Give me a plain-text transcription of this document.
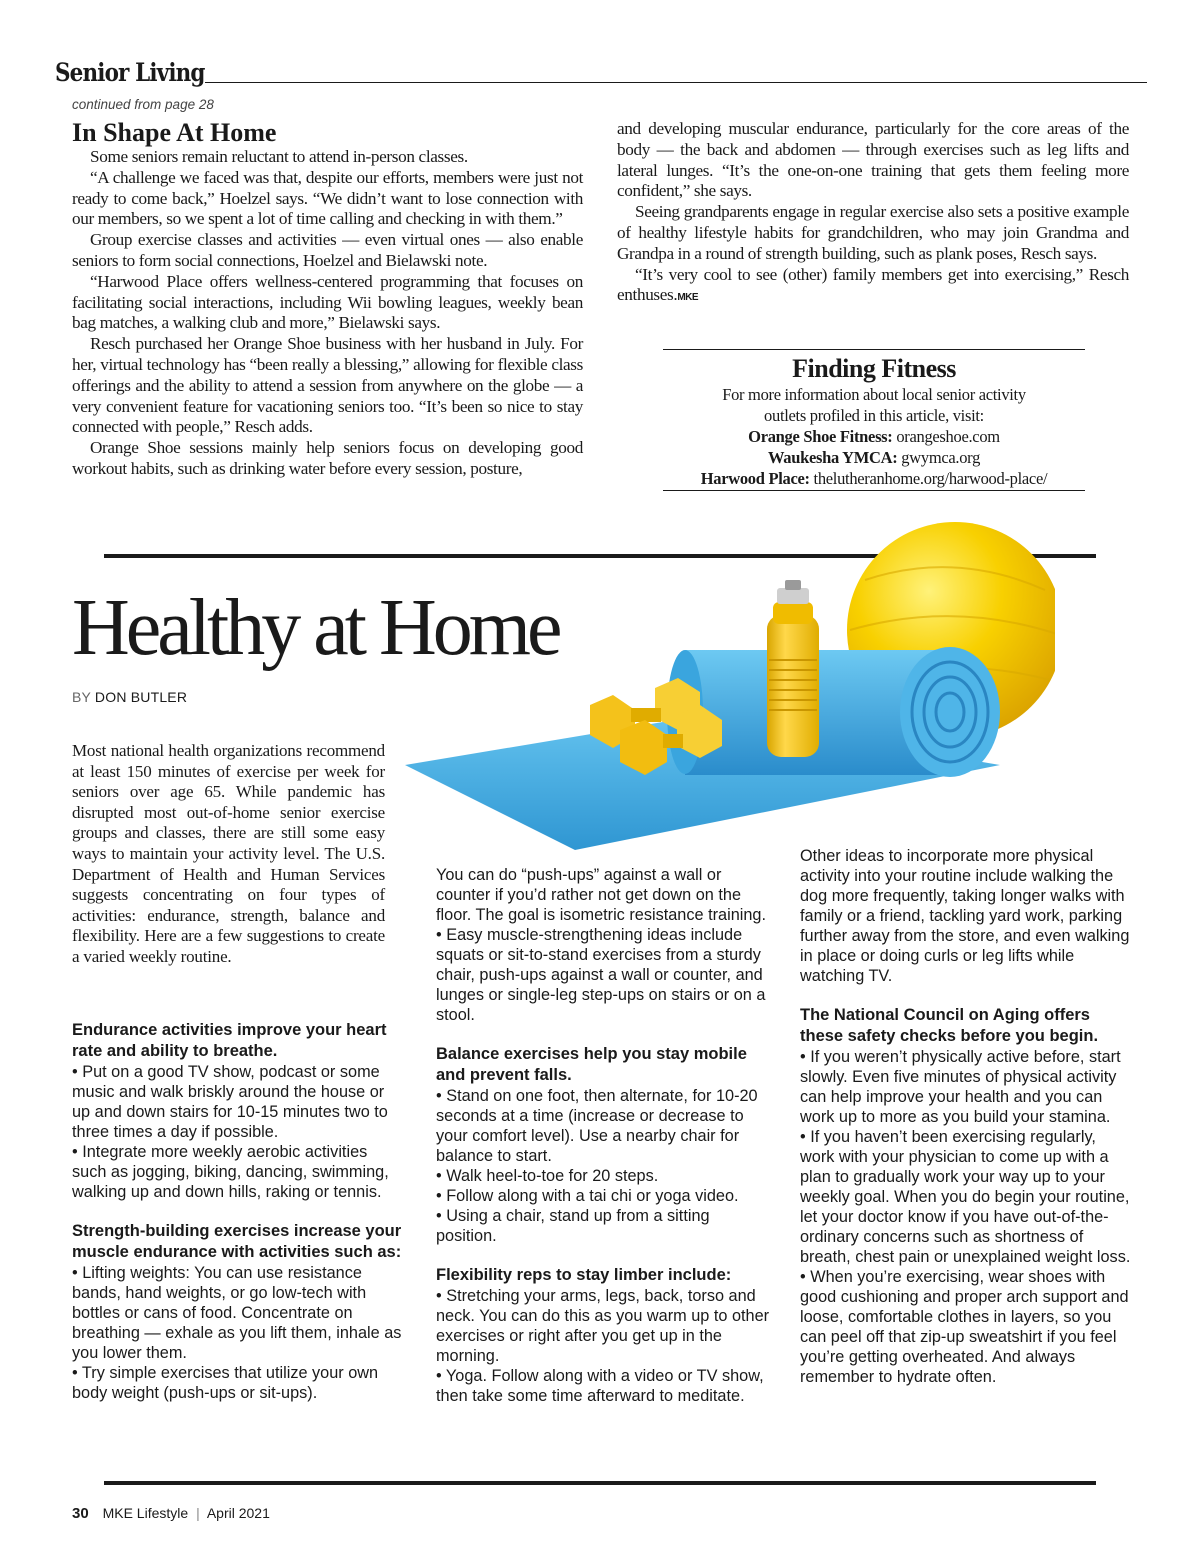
Senior Living
continued from page 28
In Shape At Home

Some seniors remain reluctant to attend in-person classes.

“A challenge we faced was that, despite our efforts, members were just not ready to come back,” Hoelzel says. “We didn’t want to lose connection with our members, so we spent a lot of time calling and checking in with them.”

Group exercise classes and activities — even virtual ones — also enable seniors to form social connections, Hoelzel and Bielawski note.

“Harwood Place offers wellness-centered programming that focuses on facilitating social interactions, including Wii bowling leagues, weekly bean bag matches, a walking club and more,” Bielawski says.

Resch purchased her Orange Shoe business with her husband in July. For her, virtual technology has “been really a blessing,” allowing for flexible class offerings and the ability to attend a session from anywhere on the globe — a very convenient feature for vacationing seniors too. “It’s been so nice to stay connected with people,” Resch adds.

Orange Shoe sessions mainly help seniors focus on developing good workout habits, such as drinking water before every session, posture,

and developing muscular endurance, particularly for the core areas of the body — the back and abdomen — through exercises such as leg lifts and lateral lunges. “It’s the one-on-one training that gets them feeling more confident,” she says.

Seeing grandparents engage in regular exercise also sets a positive example of healthy lifestyle habits for grandchildren, who may join Grandma and Grandpa in a round of strength building, such as plank poses, Resch says.

“It’s very cool to see (other) family members get into exercising,” Resch enthuses.MKE

Finding Fitness
For more information about local senior activity
outlets profiled in this article, visit:
Orange Shoe Fitness: orangeshoe.com
Waukesha YMCA: gwymca.org
Harwood Place: thelutheranhome.org/harwood-place/
Healthy at Home
BY DON BUTLER
Most national health organizations recommend at least 150 minutes of exercise per week for seniors over age 65. While pandemic has disrupted most out-of-home senior exercise groups and classes, there are still some easy ways to maintain your activity level. The U.S. Department of Health and Human Services suggests concentrating on four types of activities: endurance, strength, balance and flexibility. Here are a few suggestions to create a varied weekly routine.
Endurance activities improve your heart rate and ability to breathe.
• Put on a good TV show, podcast or some music and walk briskly around the house or up and down stairs for 10-15 minutes two to three times a day if possible.
• Integrate more weekly aerobic activities such as jogging, biking, dancing, swimming, walking up and down hills, raking or tennis.
Strength-building exercises increase your muscle endurance with activities such as:
• Lifting weights: You can use resistance bands, hand weights, or go low-tech with bottles or cans of food. Concentrate on breathing — exhale as you lift them, inhale as you lower them.
• Try simple exercises that utilize your own body weight (push-ups or sit-ups).
You can do “push-ups” against a wall or counter if you’d rather not get down on the floor. The goal is isometric resistance training.
• Easy muscle-strengthening ideas include squats or sit-to-stand exercises from a sturdy chair, push-ups against a wall or counter, and lunges or single-leg step-ups on stairs or on a stool.
Balance exercises help you stay mobile and prevent falls.
• Stand on one foot, then alternate, for 10-20 seconds at a time (increase or decrease to your comfort level). Use a nearby chair for balance to start.
• Walk heel-to-toe for 20 steps.
• Follow along with a tai chi or yoga video.
• Using a chair, stand up from a sitting position.
Flexibility reps to stay limber include:
• Stretching your arms, legs, back, torso and neck. You can do this as you warm up to other exercises or right after you get up in the morning.
• Yoga. Follow along with a video or TV show, then take some time afterward to meditate.
Other ideas to incorporate more physical activity into your routine include walking the dog more frequently, taking longer walks with family or a friend, tackling yard work, parking further away from the store, and even walking in place or doing curls or leg lifts while watching TV.
The National Council on Aging offers these safety checks before you begin.
• If you weren’t physically active before, start slowly. Even five minutes of physical activity can help improve your health and you can work up to more as you build your stamina.
• If you haven’t been exercising regularly, work with your physician to come up with a plan to gradually work your way up to your weekly goal. When you do begin your routine, let your doctor know if you have out-of-the-ordinary concerns such as shortness of breath, chest pain or unexplained weight loss.
• When you’re exercising, wear shoes with good cushioning and proper arch support and loose, comfortable clothes in layers, so you can peel off that zip-up sweatshirt if you feel you’re getting overheated. And always remember to hydrate often.
30 MKE Lifestyle | April 2021
